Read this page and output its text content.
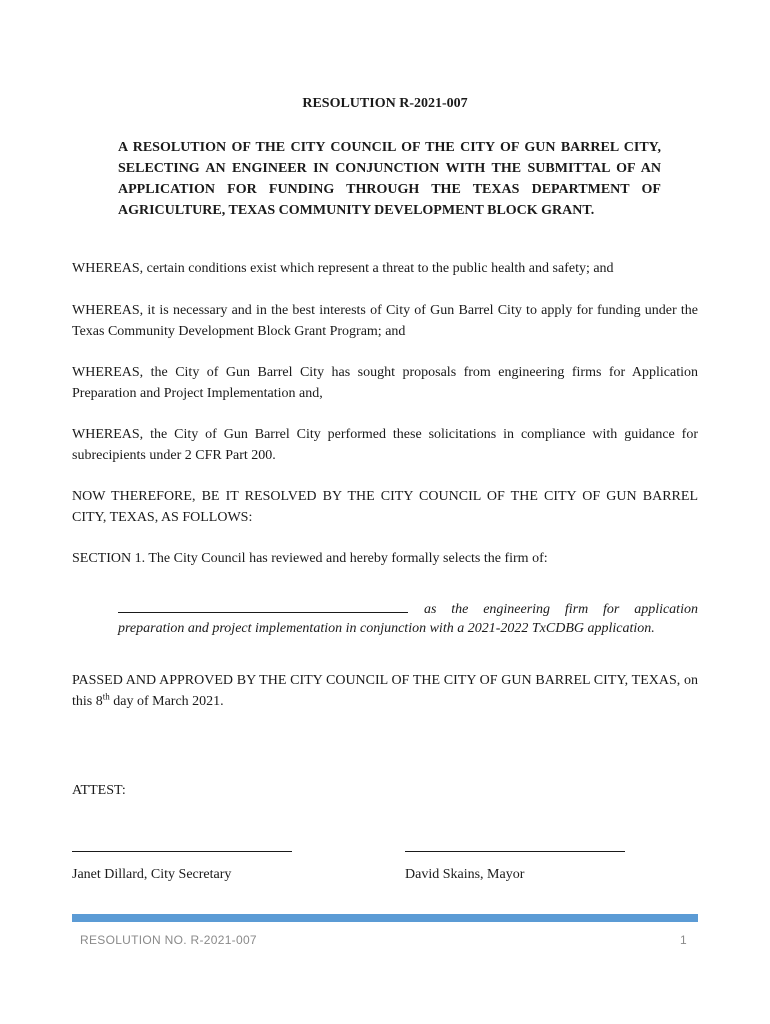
RESOLUTION R-2021-007
A RESOLUTION OF THE CITY COUNCIL OF THE CITY OF GUN BARREL CITY, SELECTING AN ENGINEER IN CONJUNCTION WITH THE SUBMITTAL OF AN APPLICATION FOR FUNDING THROUGH THE TEXAS DEPARTMENT OF AGRICULTURE, TEXAS COMMUNITY DEVELOPMENT BLOCK GRANT.
WHEREAS, certain conditions exist which represent a threat to the public health and safety; and
WHEREAS, it is necessary and in the best interests of City of Gun Barrel City to apply for funding under the Texas Community Development Block Grant Program; and
WHEREAS, the City of Gun Barrel City has sought proposals from engineering firms for Application Preparation and Project Implementation and,
WHEREAS, the City of Gun Barrel City performed these solicitations in compliance with guidance for subrecipients under 2 CFR Part 200.
NOW THEREFORE, BE IT RESOLVED BY THE CITY COUNCIL OF THE CITY OF GUN BARREL CITY, TEXAS, AS FOLLOWS:
SECTION 1. The City Council has reviewed and hereby formally selects the firm of:
as the engineering firm for application
preparation and project implementation in conjunction with a 2021-2022 TxCDBG application.
PASSED AND APPROVED BY THE CITY COUNCIL OF THE CITY OF GUN BARREL CITY, TEXAS, on this 8th day of March 2021.
ATTEST:
Janet Dillard, City Secretary	David Skains, Mayor
RESOLUTION NO. R-2021-007	1
